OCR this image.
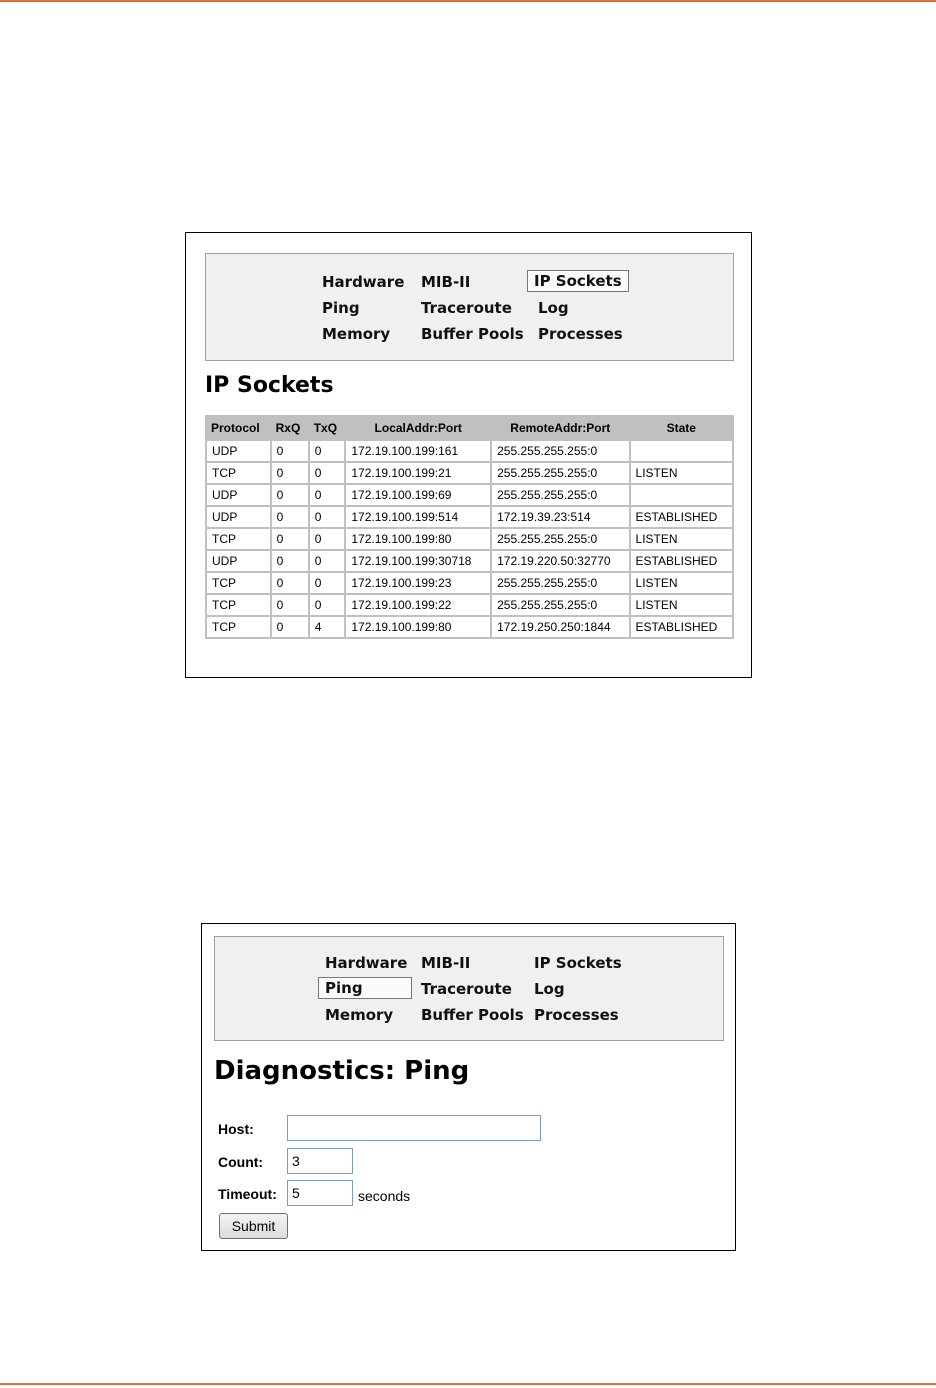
Hardware	MIB-II	IP Sockets
Ping	Traceroute	Log
Memory	Buffer Pools Processes
IP Sockets
Protocol	RxQ	TxQ	LocalAddr:Port	RemoteAddr:Port	State
UDP	0	0	172.19.100.199:161	255.255.255.255:0	
TCP	0	0	172.19.100.199:21	255.255.255.255:0	LISTEN
UDP	0	0	172.19.100.199:69	255.255.255.255:0	
UDP	0	0	172.19.100.199:514	172.19.39.23:514	ESTABLISHED
TCP	0	0	172.19.100.199:80	255.255.255.255:0	LISTEN
UDP	0	0	172.19.100.199:30718	172.19.220.50:32770	ESTABLISHED
TCP	0	0	172.19.100.199:23	255.255.255.255:0	LISTEN
TCP	0	0	172.19.100.199:22	255.255.255.255:0	LISTEN
TCP	0	4	172.19.100.199:80	172.19.250.250:1844	ESTABLISHED
Hardware MIB-II	IP Sockets
Ping	Traceroute	Log
Memory	Buffer Pools Processes
Diagnostics: Ping
Host:
Count:
3
Timeout:
5	seconds
Submit
